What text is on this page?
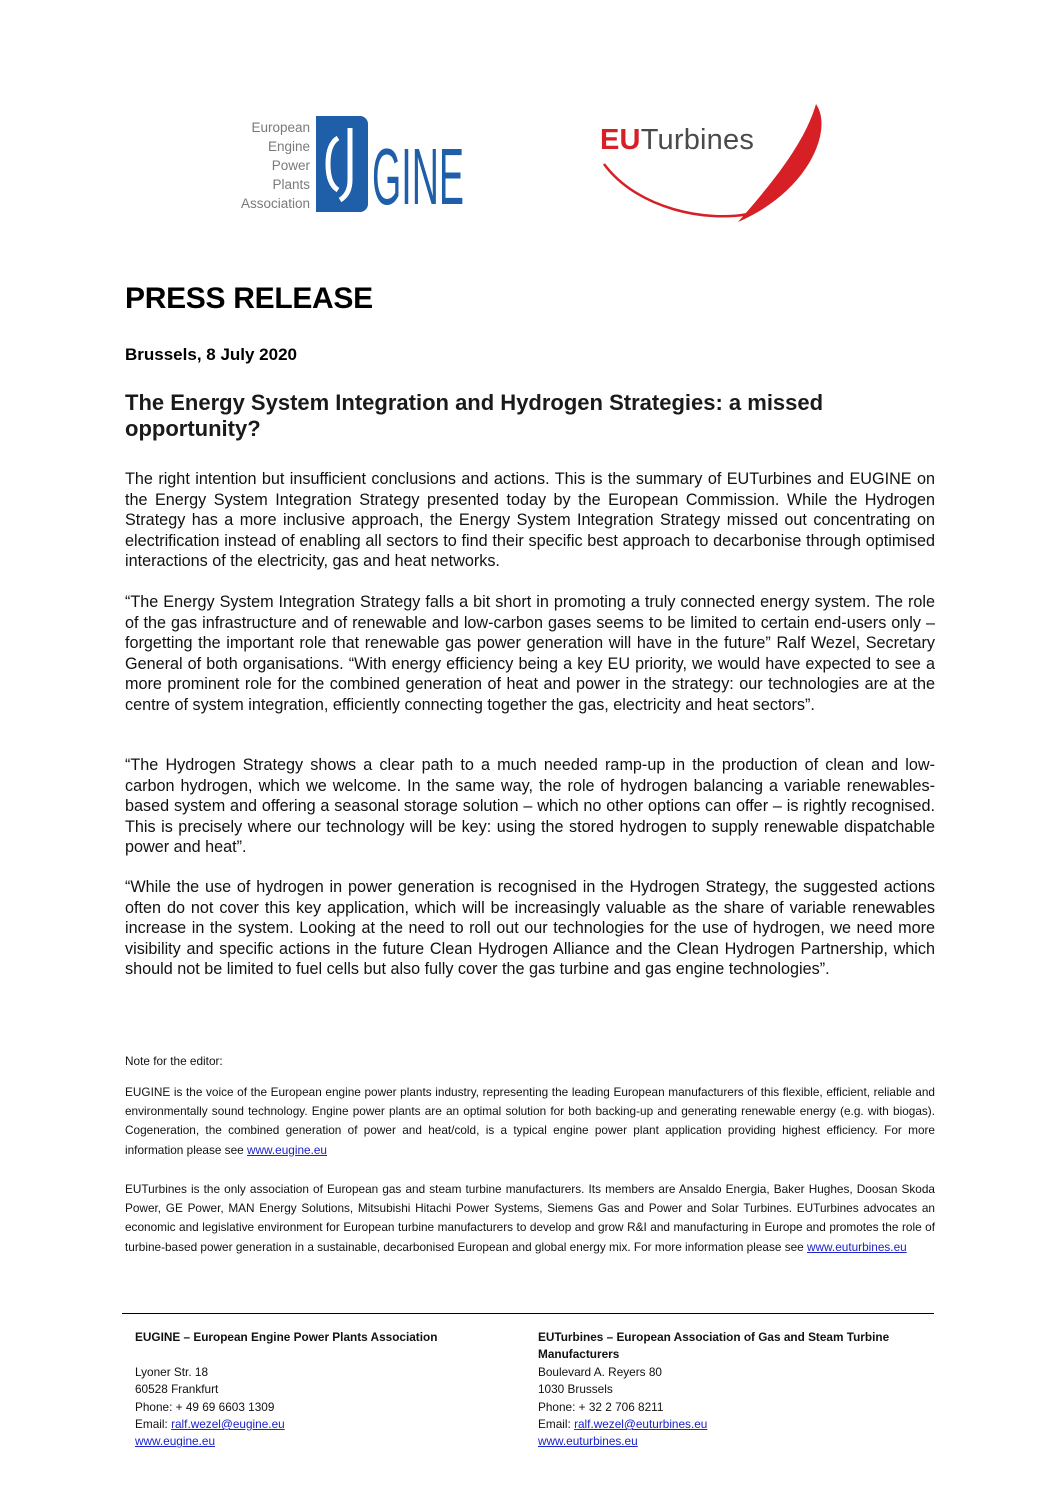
European
Engine
Power
Plants
Association GINE	EUTurbines
PRESS RELEASE
Brussels, 8 July 2020
The Energy System Integration and Hydrogen Strategies: a missed opportunity?
The right intention but insufficient conclusions and actions. This is the summary of EUTurbines and EUGINE on the Energy System Integration Strategy presented today by the European Commission. While the Hydrogen Strategy has a more inclusive approach, the Energy System Integration Strategy missed out concentrating on electrification instead of enabling all sectors to find their specific best approach to decarbonise through optimised interactions of the electricity, gas and heat networks.
“The Energy System Integration Strategy falls a bit short in promoting a truly connected energy system. The role of the gas infrastructure and of renewable and low-carbon gases seems to be limited to certain end-users only – forgetting the important role that renewable gas power generation will have in the future” Ralf Wezel, Secretary General of both organisations. “With energy efficiency being a key EU priority, we would have expected to see a more prominent role for the combined generation of heat and power in the strategy: our technologies are at the centre of system integration, efficiently connecting together the gas, electricity and heat sectors”.
“The Hydrogen Strategy shows a clear path to a much needed ramp-up in the production of clean and low-carbon hydrogen, which we welcome. In the same way, the role of hydrogen balancing a variable renewables-based system and offering a seasonal storage solution – which no other options can offer – is rightly recognised. This is precisely where our technology will be key: using the stored hydrogen to supply renewable dispatchable power and heat”.
“While the use of hydrogen in power generation is recognised in the Hydrogen Strategy, the suggested actions often do not cover this key application, which will be increasingly valuable as the share of variable renewables increase in the system. Looking at the need to roll out our technologies for the use of hydrogen, we need more visibility and specific actions in the future Clean Hydrogen Alliance and the Clean Hydrogen Partnership, which should not be limited to fuel cells but also fully cover the gas turbine and gas engine technologies”.
Note for the editor:
EUGINE is the voice of the European engine power plants industry, representing the leading European manufacturers of this flexible, efficient, reliable and environmentally sound technology. Engine power plants are an optimal solution for both backing-up and generating renewable energy (e.g. with biogas). Cogeneration, the combined generation of power and heat/cold, is a typical engine power plant application providing highest efficiency. For more information please see www.eugine.eu
EUTurbines is the only association of European gas and steam turbine manufacturers. Its members are Ansaldo Energia, Baker Hughes, Doosan Skoda Power, GE Power, MAN Energy Solutions, Mitsubishi Hitachi Power Systems, Siemens Gas and Power and Solar Turbines. EUTurbines advocates an economic and legislative environment for European turbine manufacturers to develop and grow R&I and manufacturing in Europe and promotes the role of turbine-based power generation in a sustainable, decarbonised European and global energy mix. For more information please see www.euturbines.eu
EUGINE – European Engine Power Plants Association
Lyoner Str. 18
60528 Frankfurt
Phone: + 49 69 6603 1309
Email: ralf.wezel@eugine.eu
www.eugine.eu
EUTurbines – European Association of Gas and Steam Turbine Manufacturers
Boulevard A. Reyers 80
1030 Brussels
Phone: + 32 2 706 8211
Email: ralf.wezel@euturbines.eu
www.euturbines.eu
